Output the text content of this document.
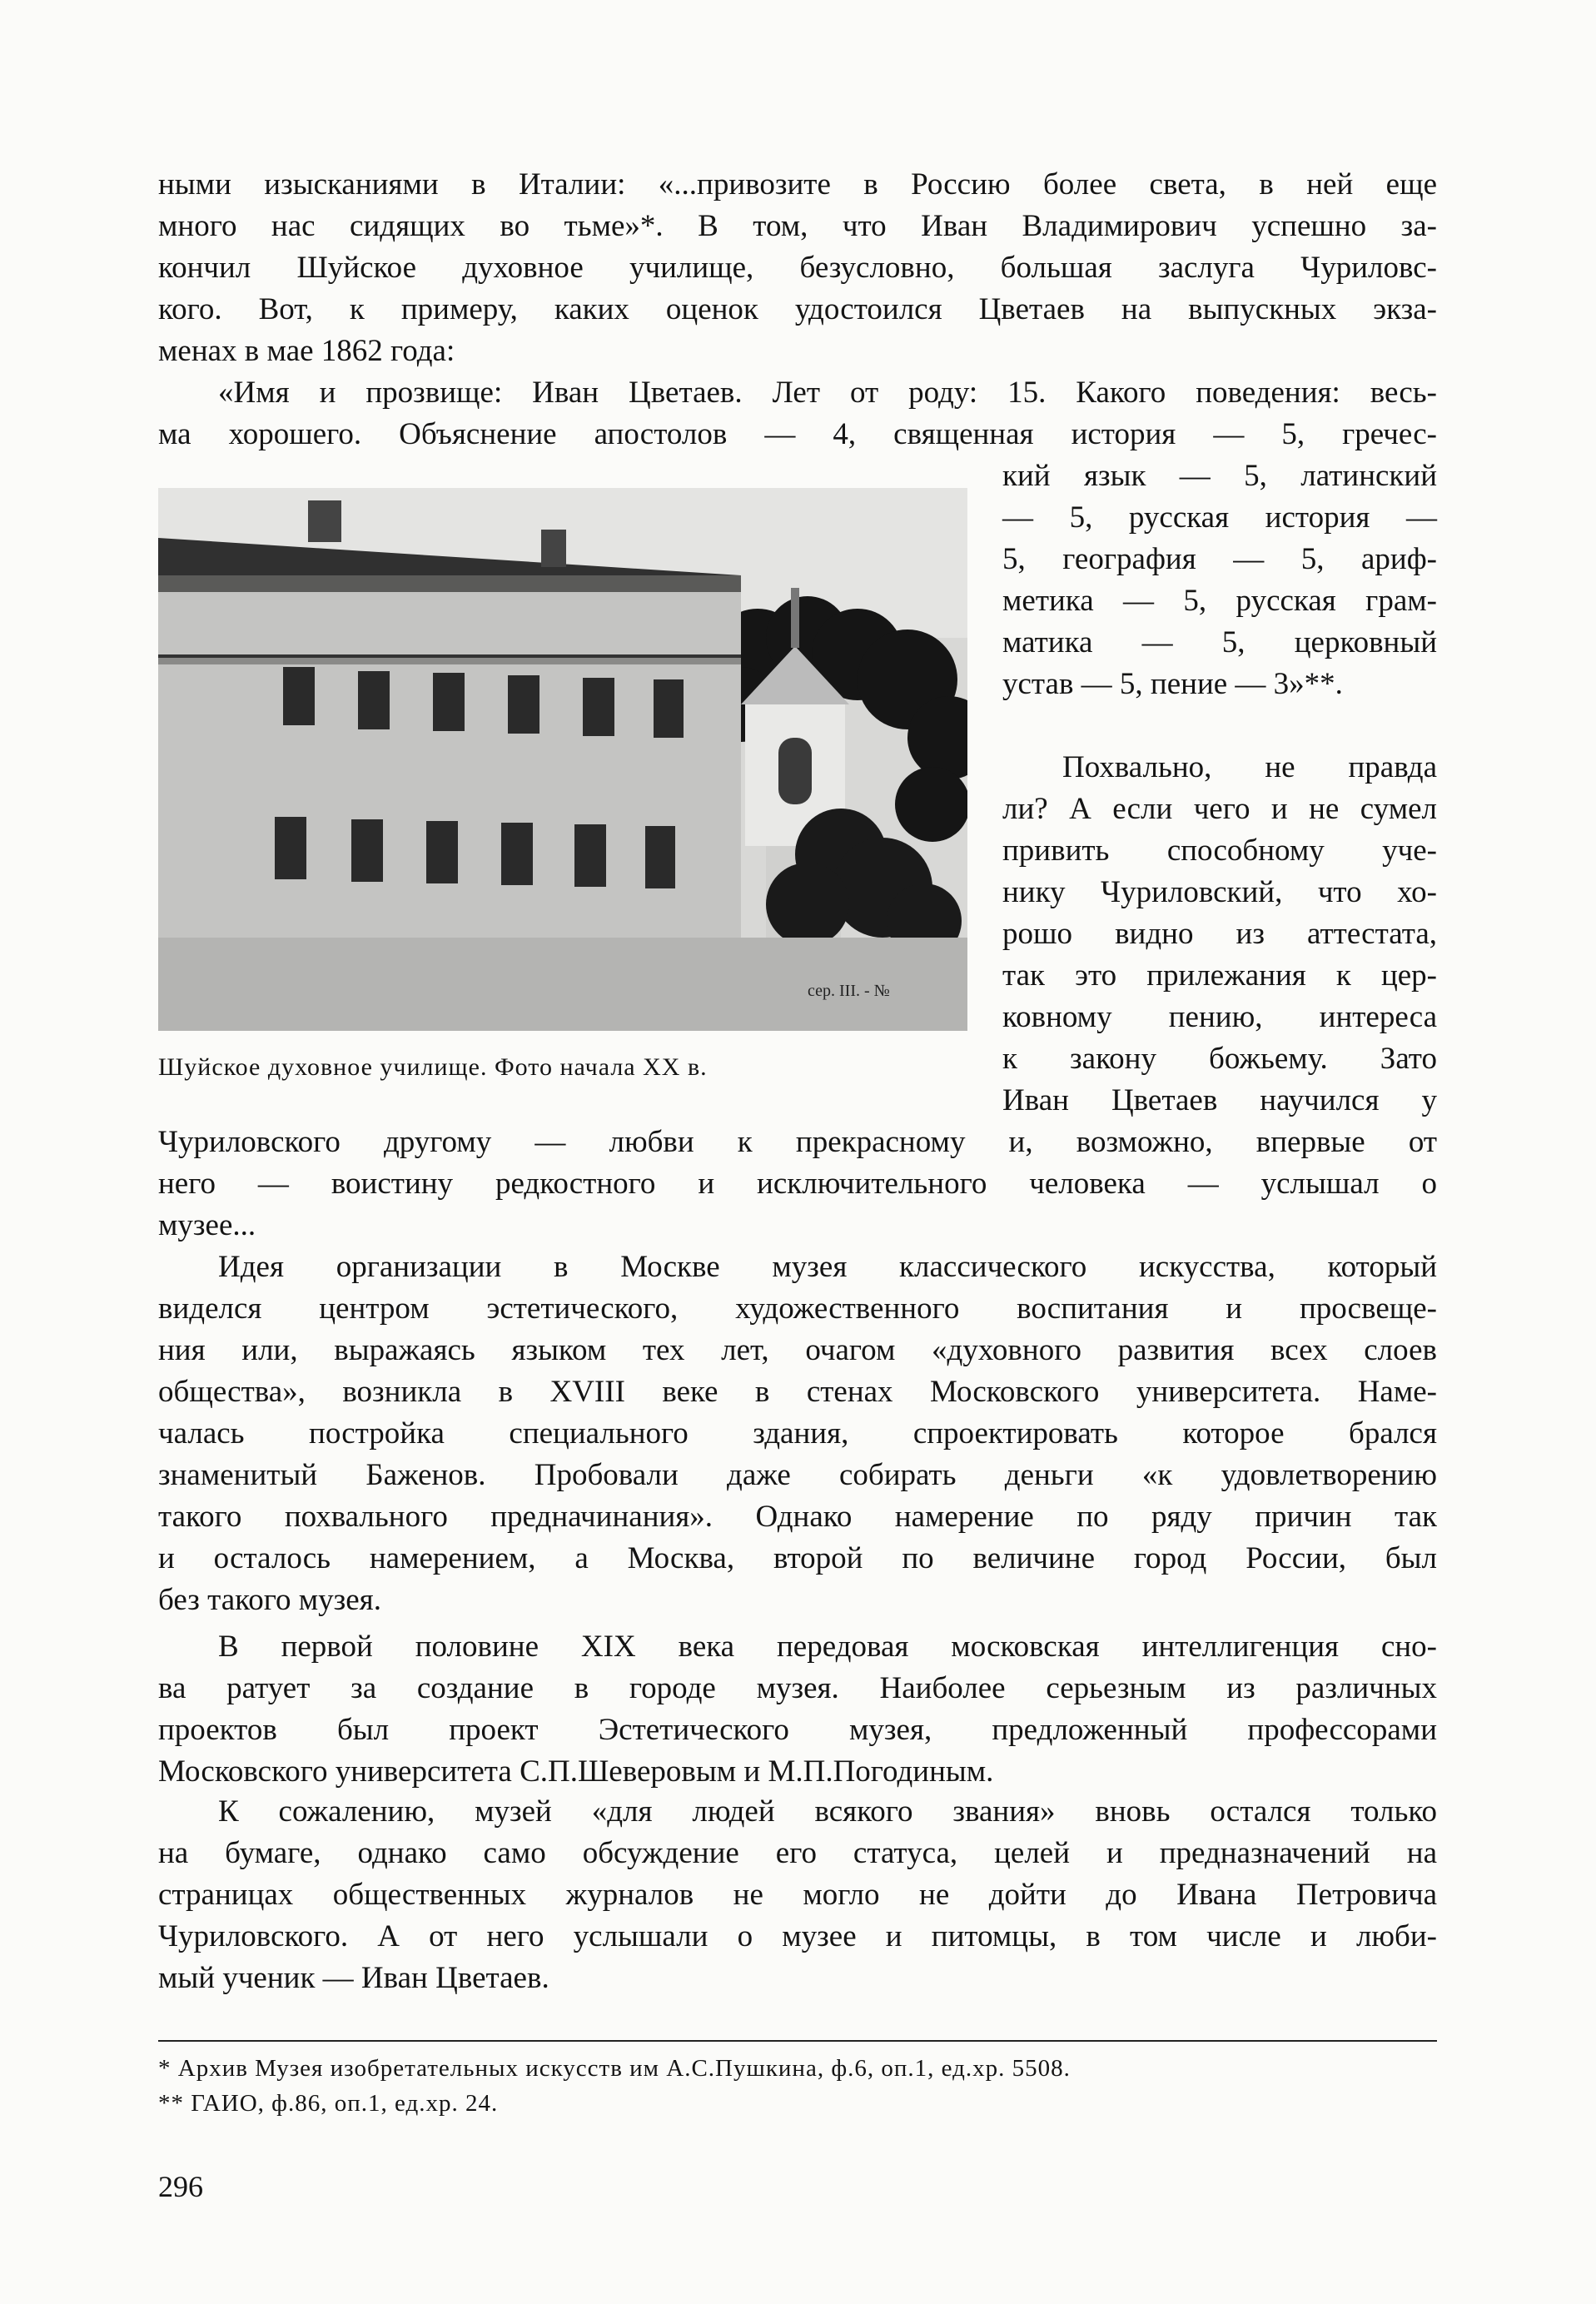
ными изысканиями в Италии: «...привозите в Россию более света, в ней еще
много нас сидящих во тьме»*. В том, что Иван Владимирович успешно за-
кончил Шуйское духовное училище, безусловно, большая заслуга Чуриловс-
кого. Вот, к примеру, каких оценок удостоился Цветаев на выпускных экза-
менах в мае 1862 года:
«Имя и прозвище: Иван Цветаев. Лет от роду: 15. Какого поведения: весь-
ма хорошего. Объяснение апостолов — 4, священная история — 5, гречес-
кий язык — 5, латинский
— 5, русская история —
5, география — 5, ариф-
метика — 5, русская грам-
матика — 5, церковный
устав — 5, пение — 3»**.
сер. III. - №
Шуйское духовное училище. Фото начала XX в.
Похвально, не правда
ли? А если чего и не сумел
привить способному уче-
нику Чуриловский, что хо-
рошо видно из аттестата,
так это прилежания к цер-
ковному пению, интереса
к закону божьему. Зато
Иван Цветаев научился у
Чуриловского другому — любви к прекрасному и, возможно, впервые от
него — воистину редкостного и исключительного человека — услышал о
музее...
Идея организации в Москве музея классического искусства, который
виделся центром эстетического, художественного воспитания и просвеще-
ния или, выражаясь языком тех лет, очагом «духовного развития всех слоев
общества», возникла в XVIII веке в стенах Московского университета. Наме-
чалась постройка специального здания, спроектировать которое брался
знаменитый Баженов. Пробовали даже собирать деньги «к удовлетворению
такого похвального предначинания». Однако намерение по ряду причин так
и осталось намерением, а Москва, второй по величине город России, был
без такого музея.
В первой половине XIX века передовая московская интеллигенция сно-
ва ратует за создание в городе музея. Наиболее серьезным из различных
проектов был проект Эстетического музея, предложенный профессорами
Московского университета С.П.Шеверовым и М.П.Погодиным.
К сожалению, музей «для людей всякого звания» вновь остался только
на бумаге, однако само обсуждение его статуса, целей и предназначений на
страницах общественных журналов не могло не дойти до Ивана Петровича
Чуриловского. А от него услышали о музее и питомцы, в том числе и люби-
мый ученик — Иван Цветаев.
* Архив Музея изобретательных искусств им А.С.Пушкина, ф.6, оп.1, ед.хр. 5508.
** ГАИО, ф.86, оп.1, ед.хр. 24.
296
